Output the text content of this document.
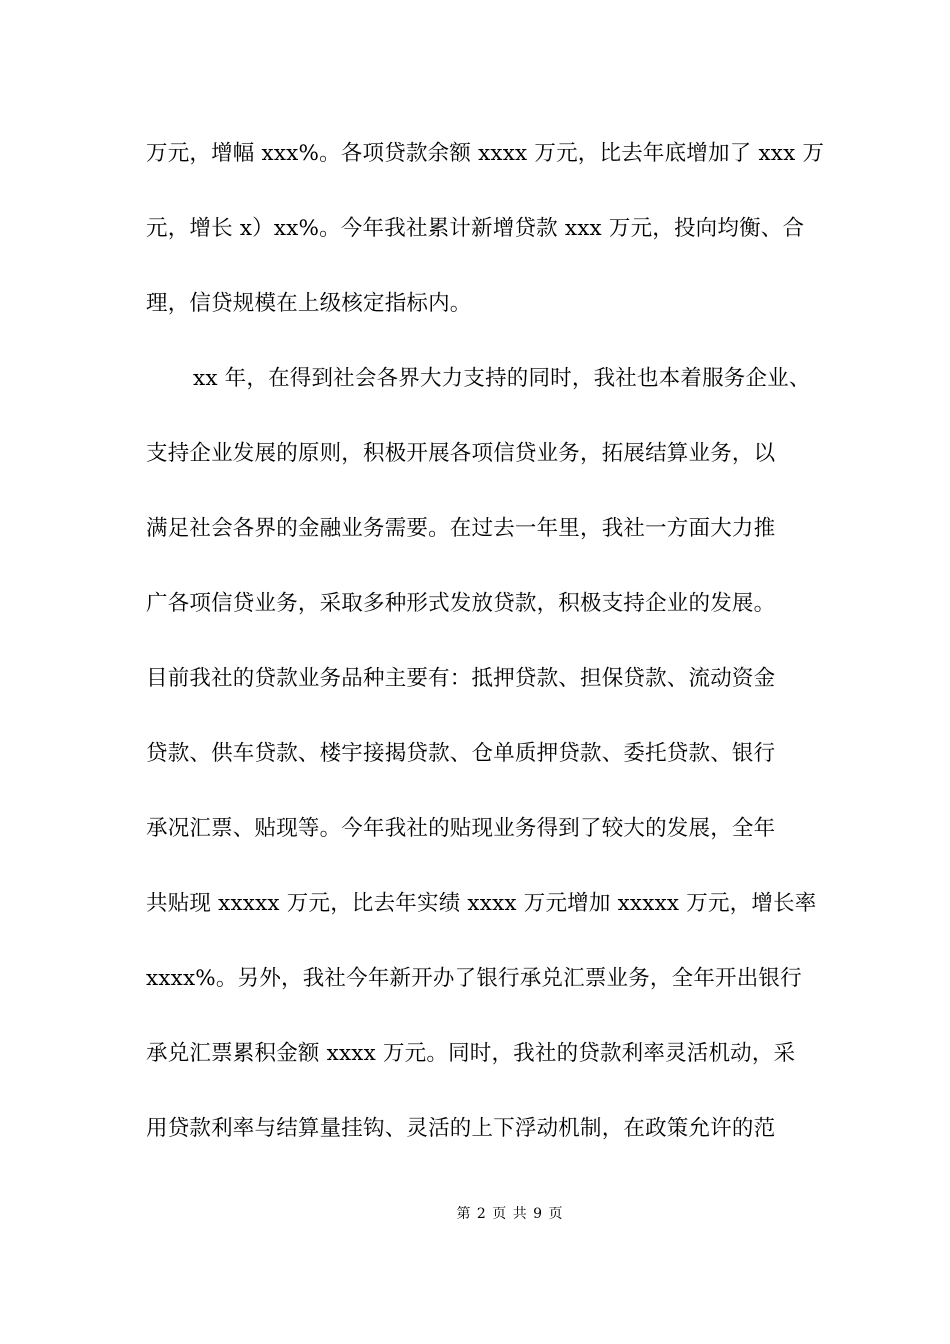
万元，增幅 xxx%。各项贷款余额 xxxx 万元，比去年底增加了 xxx 万
元，增长 x）xx%。今年我社累计新增贷款 xxx 万元，投向均衡、合
理，信贷规模在上级核定指标内。
xx 年，在得到社会各界大力支持的同时，我社也本着服务企业、
支持企业发展的原则，积极开展各项信贷业务，拓展结算业务，以
满足社会各界的金融业务需要。在过去一年里，我社一方面大力推
广各项信贷业务，采取多种形式发放贷款，积极支持企业的发展。
目前我社的贷款业务品种主要有：抵押贷款、担保贷款、流动资金
贷款、供车贷款、楼宇接揭贷款、仓单质押贷款、委托贷款、银行
承况汇票、贴现等。今年我社的贴现业务得到了较大的发展，全年
共贴现 xxxxx 万元，比去年实绩 xxxx 万元增加 xxxxx 万元，增长率
xxxx%。另外，我社今年新开办了银行承兑汇票业务，全年开出银行
承兑汇票累积金额 xxxx 万元。同时，我社的贷款利率灵活机动，采
用贷款利率与结算量挂钩、灵活的上下浮动机制，在政策允许的范
第 2 页 共 9 页
